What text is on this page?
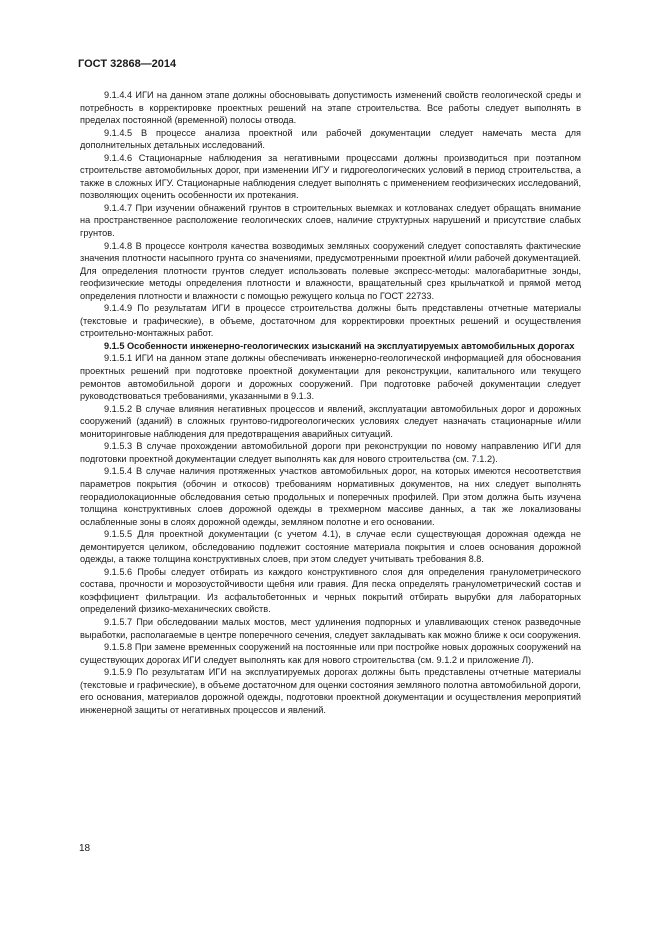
ГОСТ 32868—2014

9.1.4.4 ИГИ на данном этапе должны обосновывать допустимость изменений свойств геологической среды и потребность в корректировке проектных решений на этапе строительства. Все работы следует выполнять в пределах постоянной (временной) полосы отвода.

9.1.4.5 В процессе анализа проектной или рабочей документации следует намечать места для дополнительных детальных исследований.

9.1.4.6 Стационарные наблюдения за негативными процессами должны производиться при поэтапном строительстве автомобильных дорог, при изменении ИГУ и гидрогеологических условий в период строительства, а также в сложных ИГУ. Стационарные наблюдения следует выполнять с применением геофизических исследований, позволяющих оценить особенности их протекания.

9.1.4.7 При изучении обнажений грунтов в строительных выемках и котлованах следует обращать внимание на пространственное расположение геологических слоев, наличие структурных нарушений и присутствие слабых грунтов.

9.1.4.8 В процессе контроля качества возводимых земляных сооружений следует сопоставлять фактические значения плотности насыпного грунта со значениями, предусмотренными проектной и/или рабочей документацией. Для определения плотности грунтов следует использовать полевые экспресс-методы: малогабаритные зонды, геофизические методы определения плотности и влажности, вращательный срез крыльчаткой и прямой метод определения плотности и влажности с помощью режущего кольца по ГОСТ 22733.

9.1.4.9 По результатам ИГИ в процессе строительства должны быть представлены отчетные материалы (текстовые и графические), в объеме, достаточном для корректировки проектных решений и осуществления строительно-монтажных работ.

9.1.5 Особенности инженерно-геологических изысканий на эксплуатируемых автомобильных дорогах

9.1.5.1 ИГИ на данном этапе должны обеспечивать инженерно-геологической информацией для обоснования проектных решений при подготовке проектной документации для реконструкции, капитального или текущего ремонтов автомобильной дороги и дорожных сооружений. При подготовке рабочей документации следует руководствоваться требованиями, указанными в 9.1.3.

9.1.5.2 В случае влияния негативных процессов и явлений, эксплуатации автомобильных дорог и дорожных сооружений (зданий) в сложных грунтово-гидрогеологических условиях следует назначать стационарные и/или мониторинговые наблюдения для предотвращения аварийных ситуаций.

9.1.5.3 В случае прохождении автомобильной дороги при реконструкции по новому направлению ИГИ для подготовки проектной документации следует выполнять как для нового строительства (см. 7.1.2).

9.1.5.4 В случае наличия протяженных участков автомобильных дорог, на которых имеются несоответствия параметров покрытия (обочин и откосов) требованиям нормативных документов, на них следует выполнять георадиолокационные обследования сетью продольных и поперечных профилей. При этом должна быть изучена толщина конструктивных слоев дорожной одежды в трехмерном массиве данных, а так же локализованы ослабленные зоны в слоях дорожной одежды, земляном полотне и его основании.

9.1.5.5 Для проектной документации (с учетом 4.1), в случае если существующая дорожная одежда не демонтируется целиком, обследованию подлежит состояние материала покрытия и слоев основания дорожной одежды, а также толщина конструктивных слоев, при этом следует учитывать требования 8.8.

9.1.5.6 Пробы следует отбирать из каждого конструктивного слоя для определения гранулометрического состава, прочности и морозоустойчивости щебня или гравия. Для песка определять гранулометрический состав и коэффициент фильтрации. Из асфальтобетонных и черных покрытий отбирать вырубки для лабораторных определений физико-механических свойств.

9.1.5.7 При обследовании малых мостов, мест удлинения подпорных и улавливающих стенок разведочные выработки, располагаемые в центре поперечного сечения, следует закладывать как можно ближе к оси сооружения.

9.1.5.8 При замене временных сооружений на постоянные или при постройке новых дорожных сооружений на существующих дорогах ИГИ следует выполнять как для нового строительства (см. 9.1.2 и приложение Л).

9.1.5.9 По результатам ИГИ на эксплуатируемых дорогах должны быть представлены отчетные материалы (текстовые и графические), в объеме достаточном для оценки состояния земляного полотна автомобильной дороги, его основания, материалов дорожной одежды, подготовки проектной документации и осуществления мероприятий инженерной защиты от негативных процессов и явлений.

18
